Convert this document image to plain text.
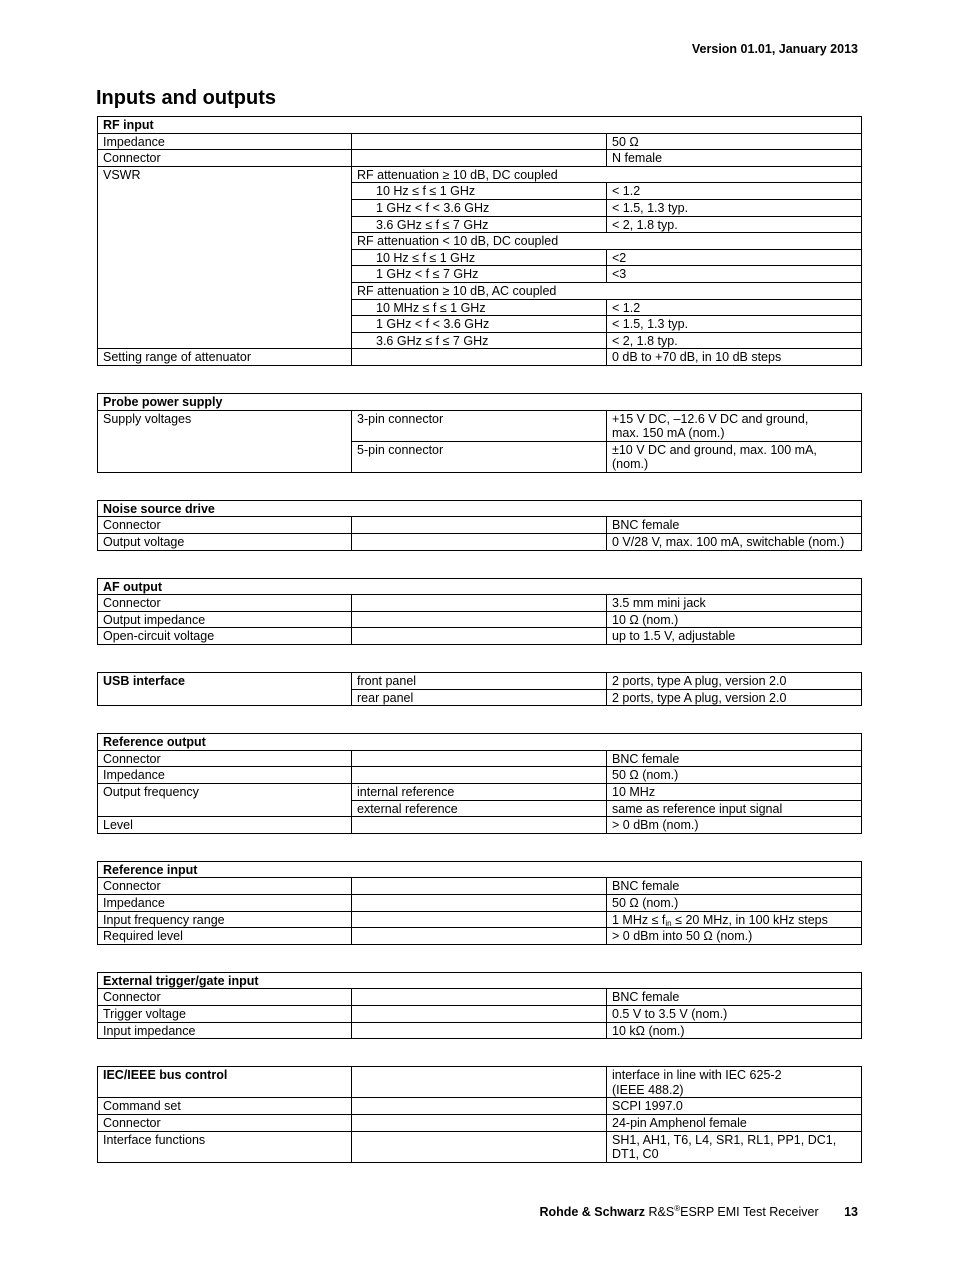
Version 01.01, January 2013
Inputs and outputs
RF input		
Impedance		50 Ω
Connector		N female
VSWR	RF attenuation ≥ 10 dB, DC coupled	
	10 Hz ≤ f ≤ 1 GHz	< 1.2
	1 GHz < f < 3.6 GHz	< 1.5, 1.3 typ.
	3.6 GHz ≤ f ≤ 7 GHz	< 2, 1.8 typ.
	RF attenuation < 10 dB, DC coupled	
	10 Hz ≤ f ≤ 1 GHz	<2
	1 GHz < f ≤ 7 GHz	<3
	RF attenuation ≥ 10 dB, AC coupled	
	10 MHz ≤ f ≤ 1 GHz	< 1.2
	1 GHz < f < 3.6 GHz	< 1.5, 1.3 typ.
	3.6 GHz ≤ f ≤ 7 GHz	< 2, 1.8 typ.
Setting range of attenuator		0 dB to +70 dB, in 10 dB steps
Probe power supply		
Supply voltages	3-pin connector	+15 V DC, –12.6 V DC and ground,
max. 150 mA (nom.)
	5-pin connector	±10 V DC and ground, max. 100 mA,
(nom.)
Noise source drive		
Connector		BNC female
Output voltage		0 V/28 V, max. 100 mA, switchable (nom.)
AF output		
Connector		3.5 mm mini jack
Output impedance		10 Ω (nom.)
Open-circuit voltage		up to 1.5 V, adjustable
USB interface	front panel	2 ports, type A plug, version 2.0
	rear panel	2 ports, type A plug, version 2.0
Reference output		
Connector		BNC female
Impedance		50 Ω (nom.)
Output frequency	internal reference	10 MHz
	external reference	same as reference input signal
Level		> 0 dBm (nom.)
Reference input		
Connector		BNC female
Impedance		50 Ω (nom.)
Input frequency range		1 MHz ≤ $f_{in} \le 20$ MHz, in 100 kHz steps
Required level		> 0 dBm into 50 Ω (nom.)
External trigger/gate input		
Connector		BNC female
Trigger voltage		0.5 V to 3.5 V (nom.)
Input impedance		10 kΩ (nom.)
IEC/IEEE bus control		interface in line with IEC 625-2
(IEEE 488.2)
Command set		SCPI 1997.0
Connector		24-pin Amphenol female
Interface functions		SH1, AH1, T6, L4, SR1, RL1, PP1, DC1,
DT1, C0
Rohde & Schwarz R&S®ESRP EMI Test Receiver 13
